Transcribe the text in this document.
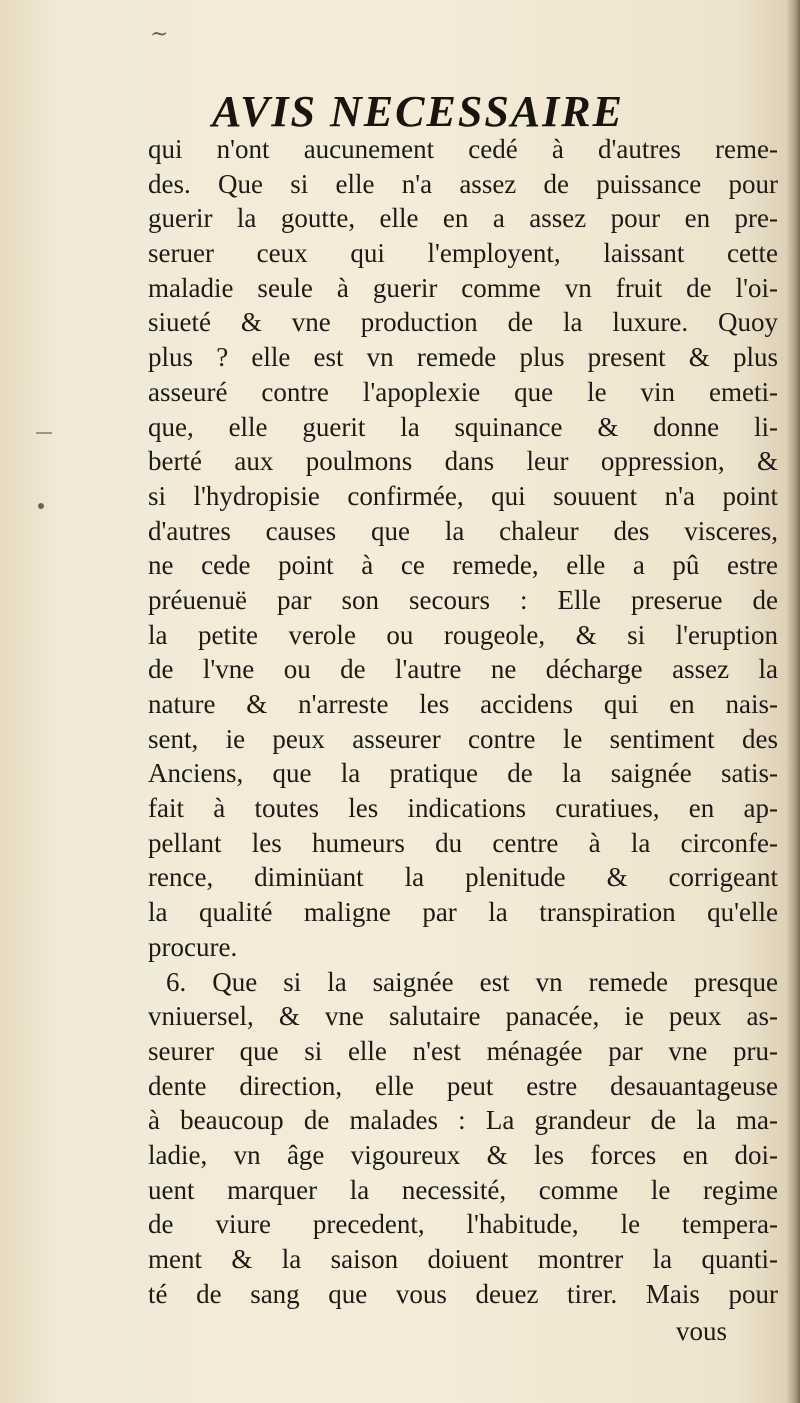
~
AVIS NECESSAIRE
qui n'ont aucunement cedé à d'autres reme-
des. Que si elle n'a assez de puissance pour
guerir la goutte, elle en a assez pour en pre-
seruer ceux qui l'employent, laissant cette
maladie seule à guerir comme vn fruit de l'oi-
siueté & vne production de la luxure. Quoy
plus ? elle est vn remede plus present & plus
asseuré contre l'apoplexie que le vin emeti-
que, elle guerit la squinance & donne li-
berté aux poulmons dans leur oppression, &
si l'hydropisie confirmée, qui souuent n'a point
d'autres causes que la chaleur des visceres,
ne cede point à ce remede, elle a pû estre
préuenuë par son secours : Elle preserue de
la petite verole ou rougeole, & si l'eruption
de l'vne ou de l'autre ne décharge assez la
nature & n'arreste les accidens qui en nais-
sent, ie peux asseurer contre le sentiment des
Anciens, que la pratique de la saignée satis-
fait à toutes les indications curatiues, en ap-
pellant les humeurs du centre à la circonfe-
rence, diminüant la plenitude & corrigeant
la qualité maligne par la transpiration qu'elle
procure.
6. Que si la saignée est vn remede presque
vniuersel, & vne salutaire panacée, ie peux as-
seurer que si elle n'est ménagée par vne pru-
dente direction, elle peut estre desauantageuse
à beaucoup de malades : La grandeur de la ma-
ladie, vn âge vigoureux & les forces en doi-
uent marquer la necessité, comme le regime
de viure precedent, l'habitude, le tempera-
ment & la saison doiuent montrer la quanti-
té de sang que vous deuez tirer. Mais pour
vous
